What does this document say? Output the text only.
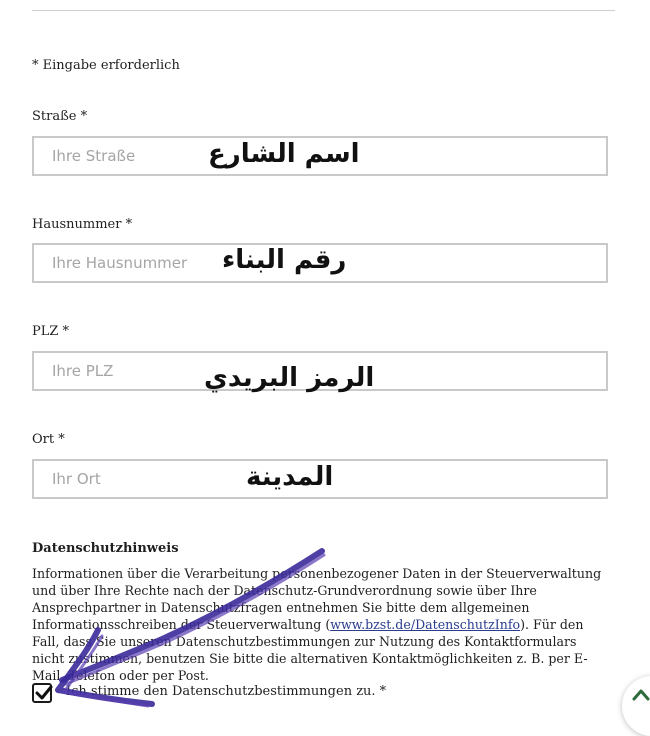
* Eingabe erforderlich
Straße *
Ihre Straße
اسم الشارع
Hausnummer *
Ihre Hausnummer
رقم البناء
PLZ *
Ihre PLZ
الرمز البريدي
Ort *
Ihr Ort
المدينة
Datenschutzhinweis
Informationen über die Verarbeitung personenbezogener Daten in der Steuerverwaltung und über Ihre Rechte nach der Datenschutz-Grundverordnung sowie über Ihre Ansprechpartner in Datenschutzfragen entnehmen Sie bitte dem allgemeinen Informationsschreiben der Steuerverwaltung (www.bzst.de/DatenschutzInfo). Für den Fall, dass Sie unseren Datenschutzbestimmungen zur Nutzung des Kontaktformulars nicht zustimmen, benutzen Sie bitte die alternativen Kontaktmöglichkeiten z. B. per E-Mail, Telefon oder per Post.
Ich stimme den Datenschutzbestimmungen zu. *
